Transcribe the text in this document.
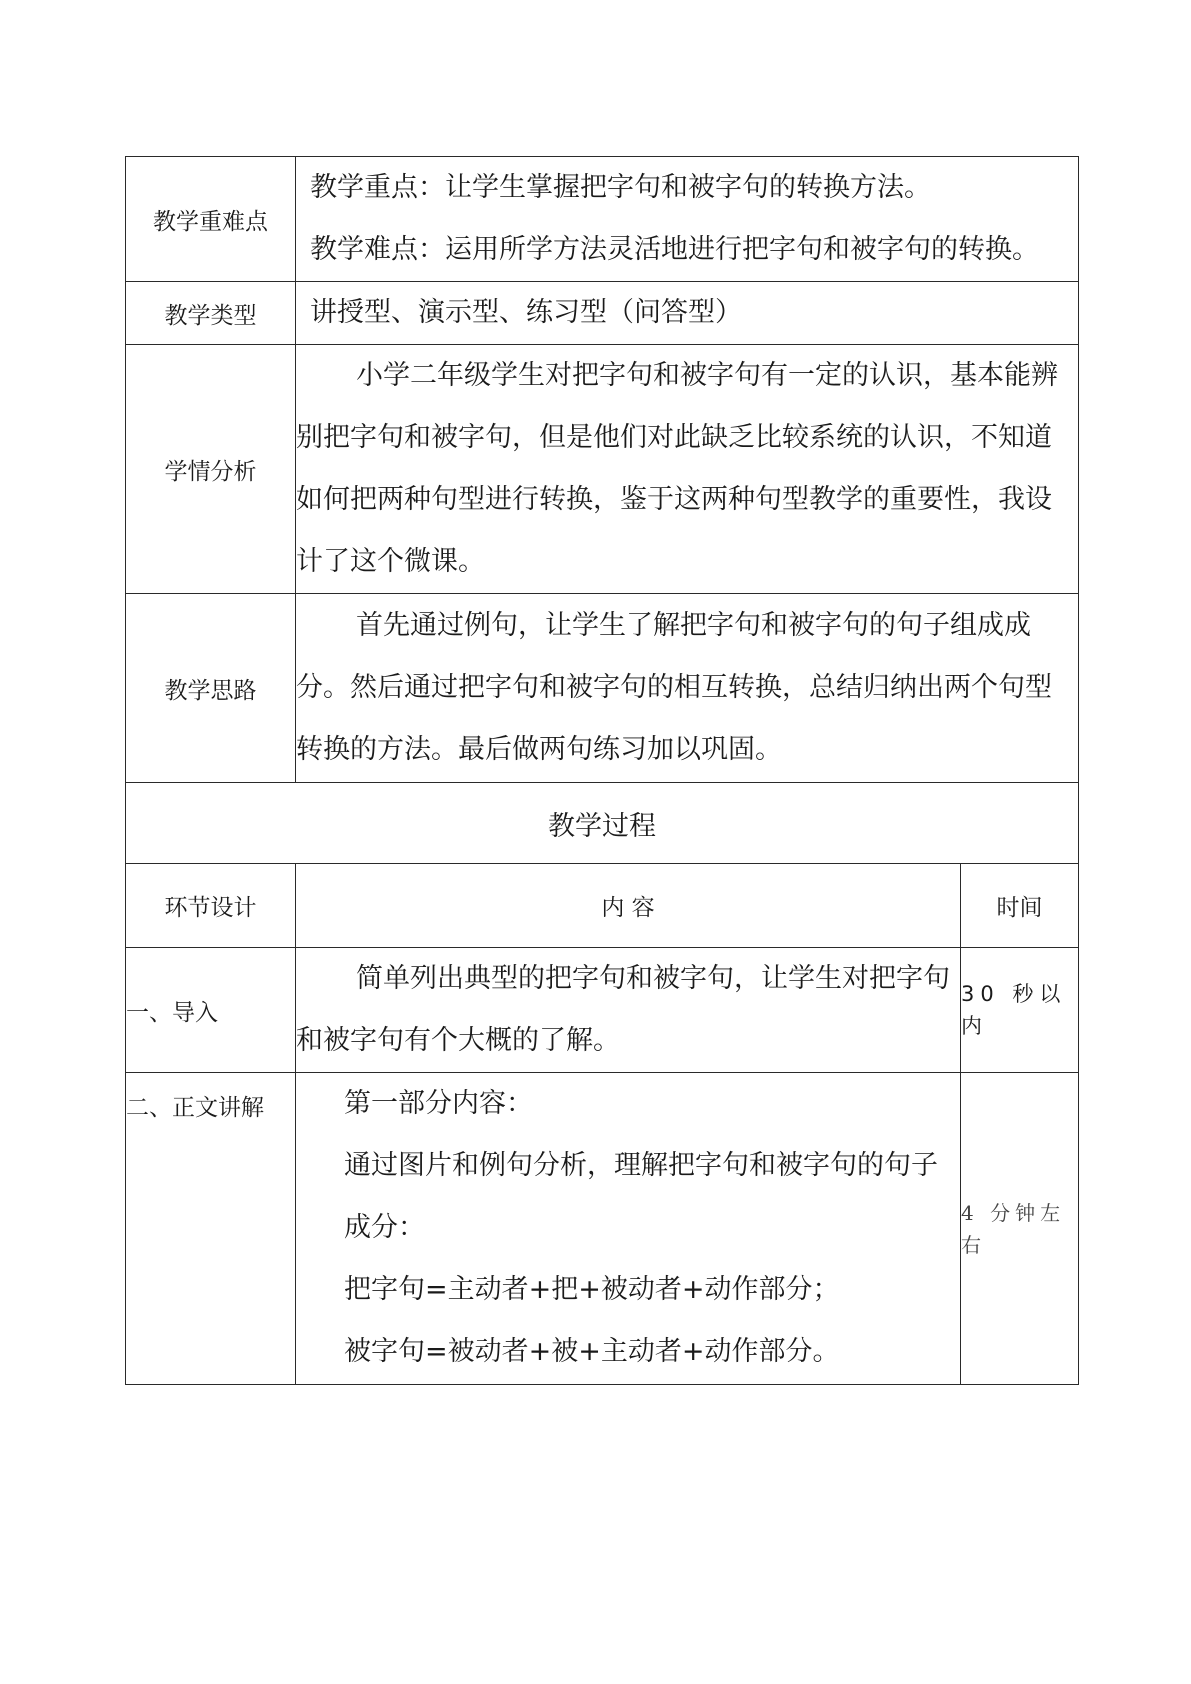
教学重难点	教学重点：让学生掌握把字句和被字句的转换方法。

教学难点：运用所学方法灵活地进行把字句和被字句的转换。	

教学类型	讲授型、演示型、练习型（问答型）	

学情分析	小学二年级学生对把字句和被字句有一定的认识，基本能辨别把字句和被字句，但是他们对此缺乏比较系统的认识，不知道如何把两种句型进行转换，鉴于这两种句型教学的重要性，我设计了这个微课。	

教学思路	首先通过例句，让学生了解把字句和被字句的句子组成成分。然后通过把字句和被字句的相互转换，总结归纳出两个句型转换的方法。最后做两句练习加以巩固。	

教学过程		
环节设计	内 容	时间
一、导入	简单列出典型的把字句和被字句，让学生对把字句和被字句有个大概的了解。	30 秒以内
二、正文讲解	第一部分内容：

通过图片和例句分析，理解把字句和被字句的句子成分：

把字句=主动者+把+被动者+动作部分；

被字句=被动者+被+主动者+动作部分。	4 分钟左右
